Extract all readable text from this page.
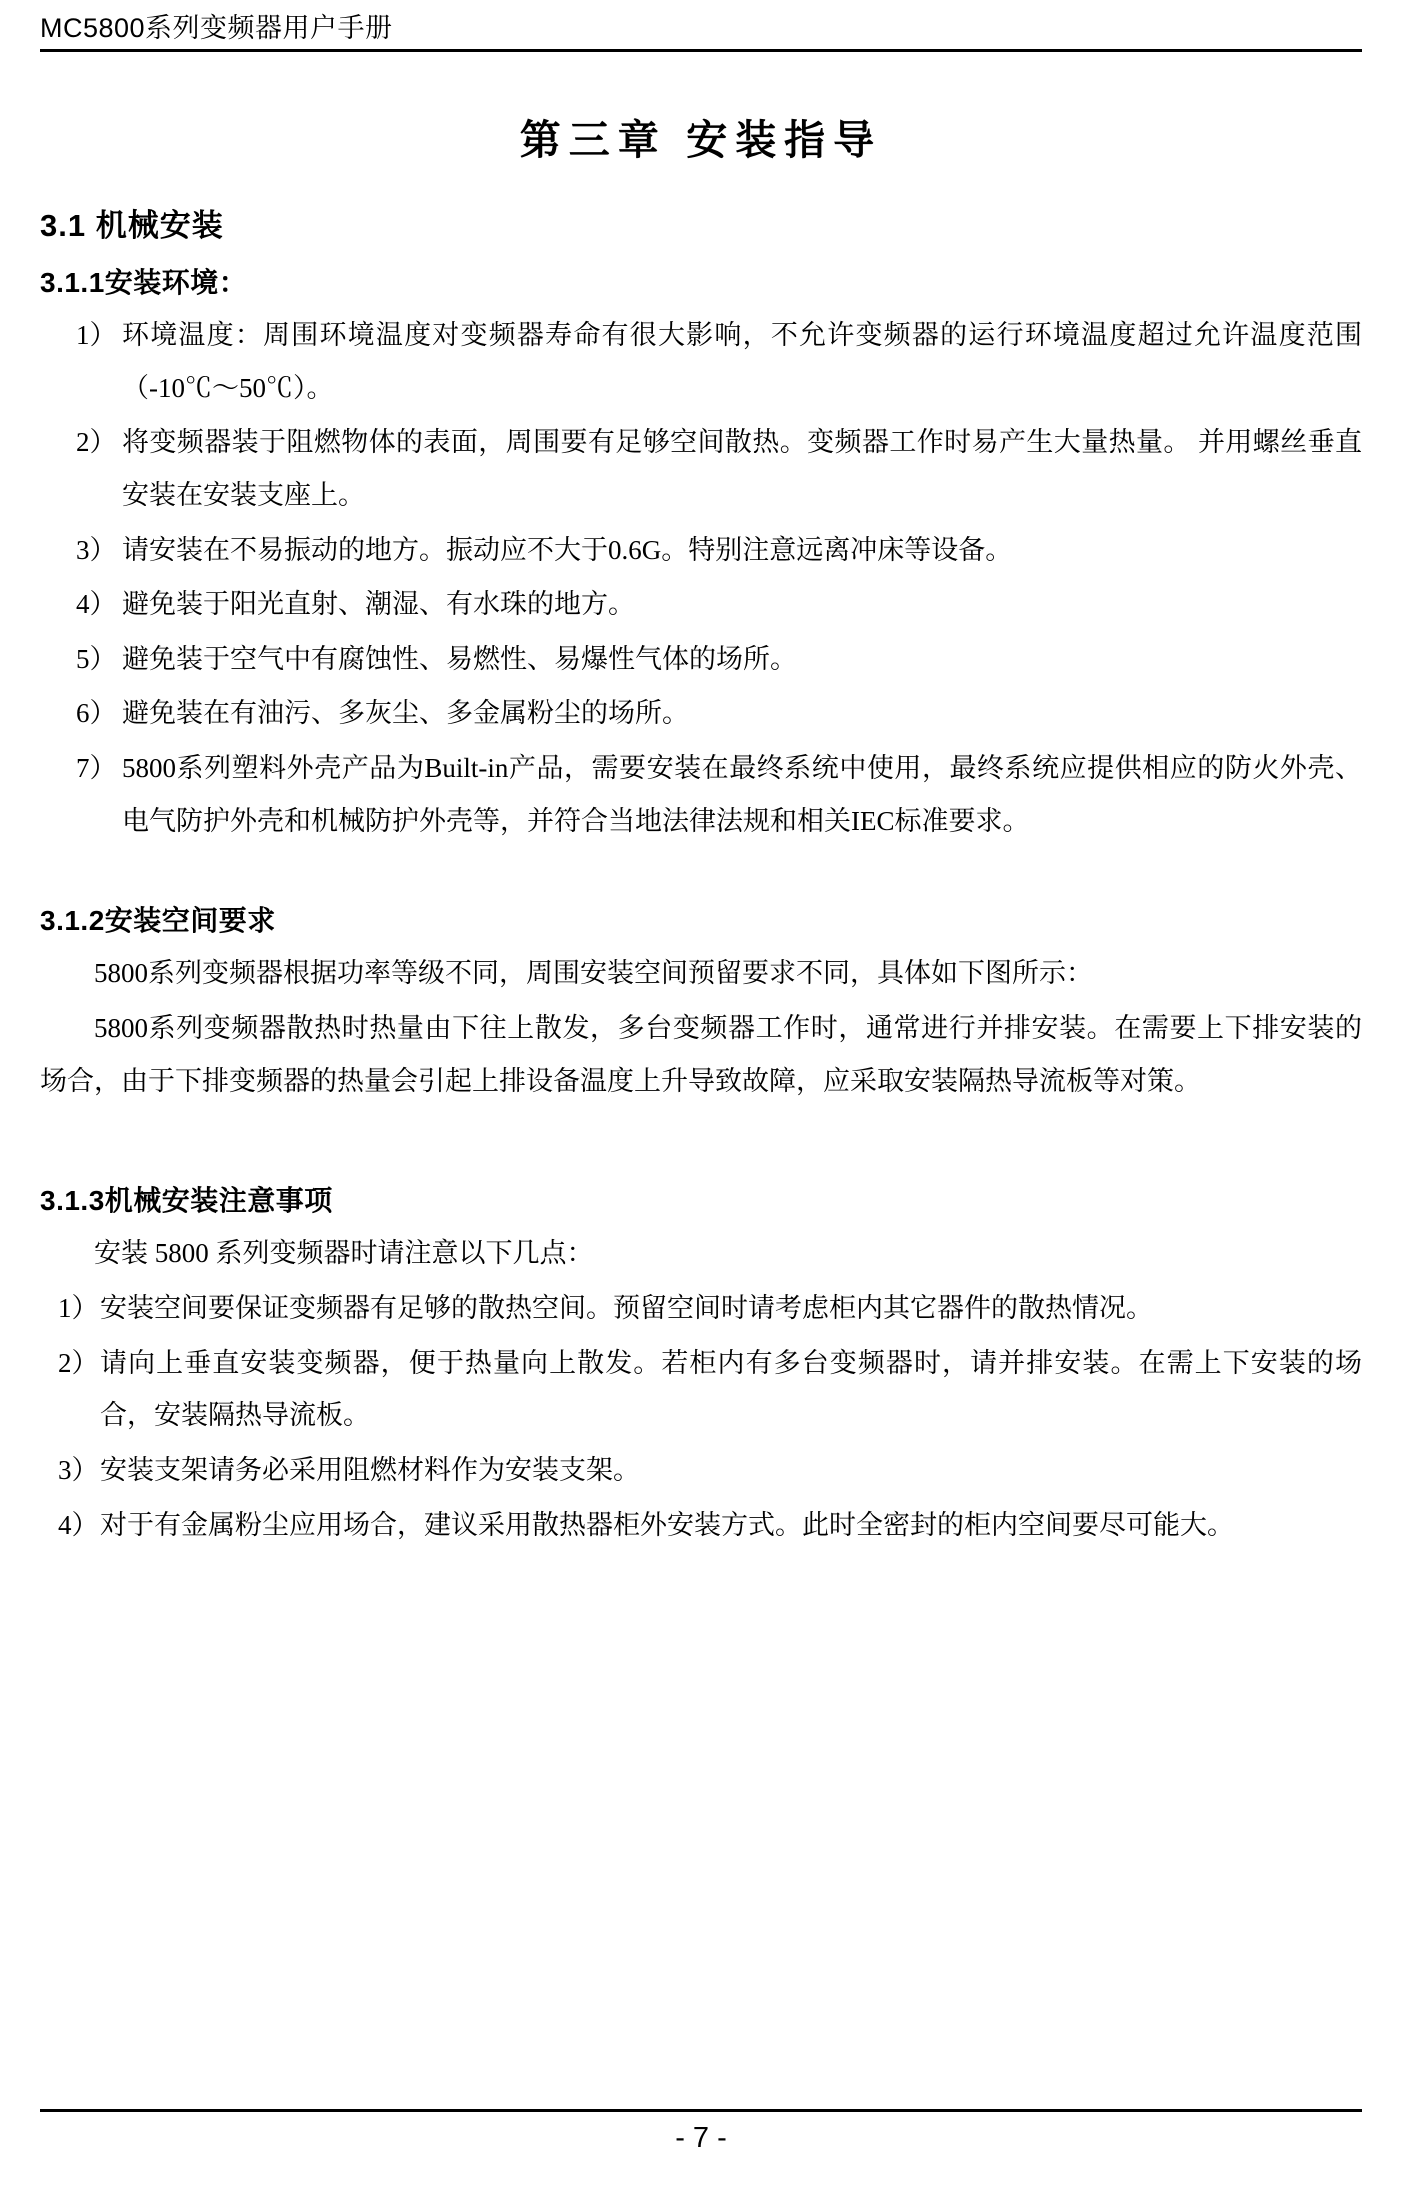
MC5800系列变频器用户手册
第三章 安装指导
3.1 机械安装
3.1.1安装环境：
1） 环境温度：周围环境温度对变频器寿命有很大影响，不允许变频器的运行环境温度超过允许温度范围 （-10℃～50℃）。
2） 将变频器装于阻燃物体的表面，周围要有足够空间散热。变频器工作时易产生大量热量。 并用螺丝垂直安装在安装支座上。
3） 请安装在不易振动的地方。振动应不大于0.6G。特别注意远离冲床等设备。
4） 避免装于阳光直射、潮湿、有水珠的地方。
5） 避免装于空气中有腐蚀性、易燃性、易爆性气体的场所。
6） 避免装在有油污、多灰尘、多金属粉尘的场所。
7） 5800系列塑料外壳产品为Built-in产品，需要安装在最终系统中使用，最终系统应提供相应的防火外壳、电气防护外壳和机械防护外壳等，并符合当地法律法规和相关IEC标准要求。
3.1.2安装空间要求

5800系列变频器根据功率等级不同，周围安装空间预留要求不同，具体如下图所示：

5800系列变频器散热时热量由下往上散发，多台变频器工作时，通常进行并排安装。在需要上下排安装的场合，由于下排变频器的热量会引起上排设备温度上升导致故障，应采取安装隔热导流板等对策。

3.1.3机械安装注意事项

安装 5800 系列变频器时请注意以下几点：

1） 安装空间要保证变频器有足够的散热空间。预留空间时请考虑柜内其它器件的散热情况。
2） 请向上垂直安装变频器，便于热量向上散发。若柜内有多台变频器时，请并排安装。在需上下安装的场合，安装隔热导流板。
3） 安装支架请务必采用阻燃材料作为安装支架。
4） 对于有金属粉尘应用场合，建议采用散热器柜外安装方式。此时全密封的柜内空间要尽可能大。
- 7 -
